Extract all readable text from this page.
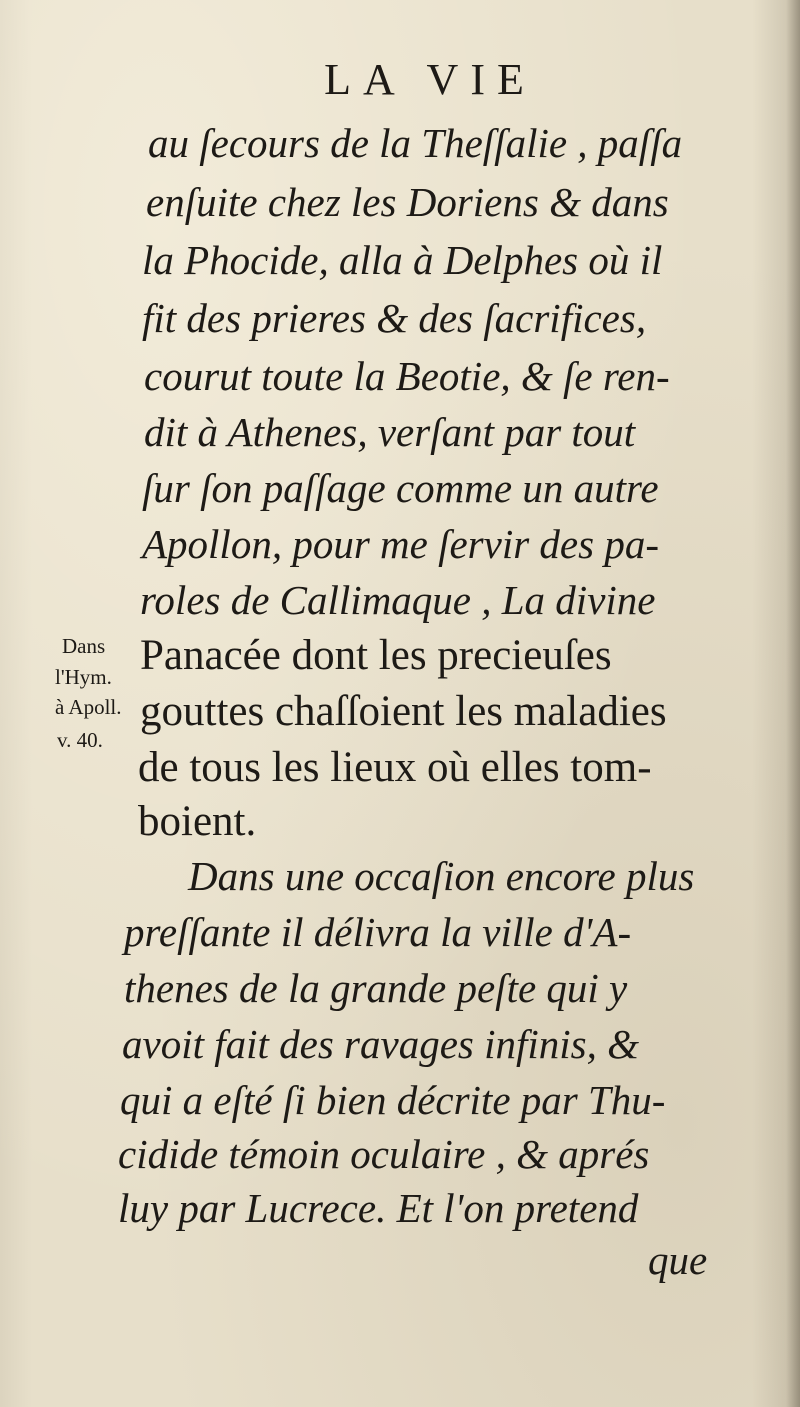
LA VIE
au ſecours de la Theſſalie , paſſa
enſuite chez les Doriens & dans
la Phocide, alla à Delphes où il
fit des prieres & des ſacrifices,
courut toute la Beotie, & ſe ren-
dit à Athenes, verſant par tout
ſur ſon paſſage comme un autre
Apollon, pour me ſervir des pa-
roles de Callimaque , La divine
Panacée dont les precieuſes
gouttes chaſſoient les maladies
de tous les lieux où elles tom-
boient.
Dans une occaſion encore plus
preſſante il délivra la ville d'A-
thenes de la grande peſte qui y
avoit fait des ravages infinis, &
qui a eſté ſi bien décrite par Thu-
cidide témoin oculaire , & aprés
luy par Lucrece. Et l'on pretend
que
Dans
l'Hym.
à Apoll.
v. 40.
